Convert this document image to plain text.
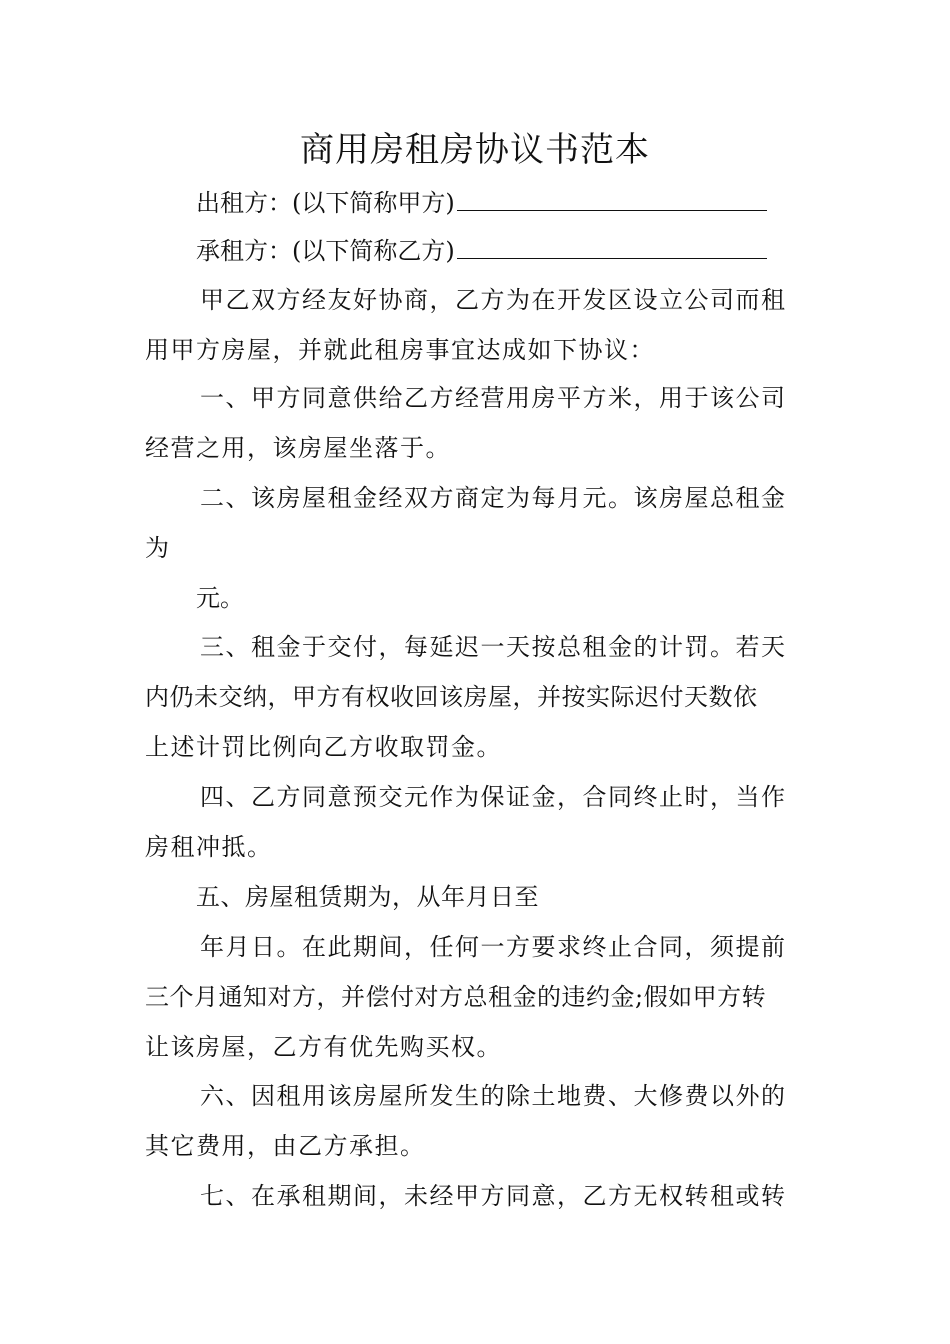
商用房租房协议书范本

出租方：(以下简称甲方)

承租方：(以下简称乙方)

甲乙双方经友好协商，乙方为在开发区设立公司而租

用甲方房屋，并就此租房事宜达成如下协议：

一、甲方同意供给乙方经营用房平方米，用于该公司

经营之用，该房屋坐落于。

二、该房屋租金经双方商定为每月元。该房屋总租金

为

元。

三、租金于交付，每延迟一天按总租金的计罚。若天

内仍未交纳，甲方有权收回该房屋，并按实际迟付天数依

上述计罚比例向乙方收取罚金。

四、乙方同意预交元作为保证金，合同终止时，当作

房租冲抵。

五、房屋租赁期为，从年月日至

年月日。在此期间，任何一方要求终止合同，须提前

三个月通知对方，并偿付对方总租金的违约金;假如甲方转

让该房屋，乙方有优先购买权。

六、因租用该房屋所发生的除土地费、大修费以外的

其它费用，由乙方承担。

七、在承租期间，未经甲方同意，乙方无权转租或转
